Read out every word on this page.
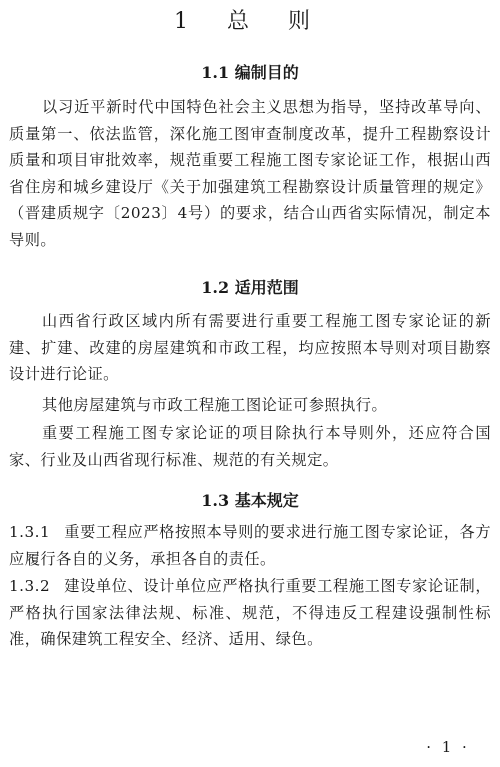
1 总 则
1.1 编制目的
以习近平新时代中国特色社会主义思想为指导，坚持改革导向、质量第一、依法监管，深化施工图审查制度改革，提升工程勘察设计质量和项目审批效率，规范重要工程施工图专家论证工作，根据山西省住房和城乡建设厅《关于加强建筑工程勘察设计质量管理的规定》（晋建质规字〔2023〕4号）的要求，结合山西省实际情况，制定本导则。
1.2 适用范围
山西省行政区域内所有需要进行重要工程施工图专家论证的新建、扩建、改建的房屋建筑和市政工程，均应按照本导则对项目勘察设计进行论证。
其他房屋建筑与市政工程施工图论证可参照执行。
重要工程施工图专家论证的项目除执行本导则外，还应符合国家、行业及山西省现行标准、规范的有关规定。
1.3 基本规定
1.3.1 重要工程应严格按照本导则的要求进行施工图专家论证，各方应履行各自的义务，承担各自的责任。
1.3.2 建设单位、设计单位应严格执行重要工程施工图专家论证制，严格执行国家法律法规、标准、规范，不得违反工程建设强制性标准，确保建筑工程安全、经济、适用、绿色。
· 1 ·
